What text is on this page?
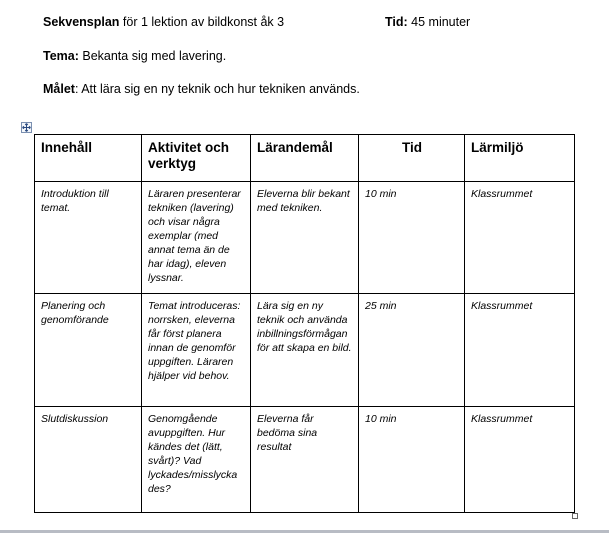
Sekvensplan för 1 lektion av bildkonst åk 3	Tid: 45 minuter
Tema: Bekanta sig med lavering.
Målet: Att lära sig en ny teknik och hur tekniken används.
Innehåll	Aktivitet och verktyg	Lärandemål	Tid	Lärmiljö
Introduktion till temat.	Läraren presenterar tekniken (lavering) och visar några exemplar (med annat tema än de har idag), eleven lyssnar.	Eleverna blir bekant med tekniken.	10 min	Klassrummet
Planering och genomförande	Temat introduceras: norrsken, eleverna får först planera innan de genomför uppgiften. Läraren hjälper vid behov.	Lära sig en ny teknik och använda inbillningsförmågan för att skapa en bild.	25 min	Klassrummet
Slutdiskussion	Genomgående avuppgiften. Hur kändes det (lätt, svårt)? Vad lyckades/misslycka des?	Eleverna får bedöma sina resultat	10 min	Klassrummet
